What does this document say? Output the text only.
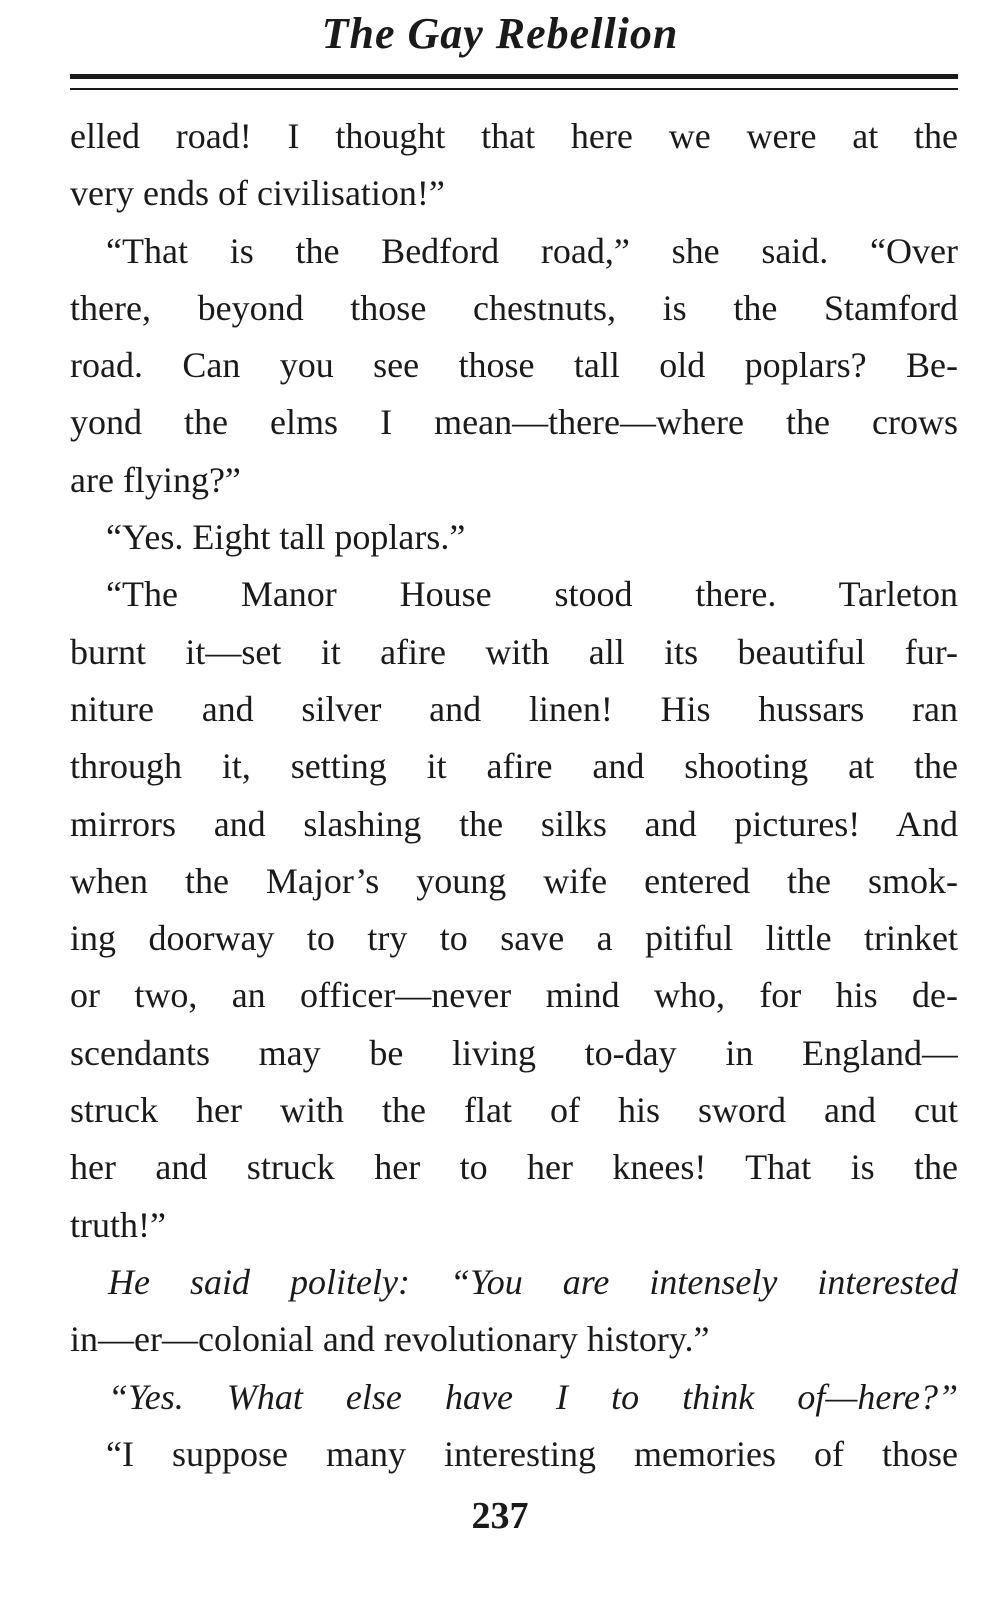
The Gay Rebellion
elled road! I thought that here we were at the
very ends of civilisation!”
“That is the Bedford road,” she said. “Over
there, beyond those chestnuts, is the Stamford
road. Can you see those tall old poplars? Be-
yond the elms I mean—there—where the crows
are flying?”
“Yes. Eight tall poplars.”
“The Manor House stood there. Tarleton
burnt it—set it afire with all its beautiful fur-
niture and silver and linen! His hussars ran
through it, setting it afire and shooting at the
mirrors and slashing the silks and pictures! And
when the Major’s young wife entered the smok-
ing doorway to try to save a pitiful little trinket
or two, an officer—never mind who, for his de-
scendants may be living to-day in England—
struck her with the flat of his sword and cut
her and struck her to her knees! That is the
truth!”
He said politely: “You are intensely interested
in—er—colonial and revolutionary history.”
“Yes. What else have I to think of—here?”
“I suppose many interesting memories of those
237
